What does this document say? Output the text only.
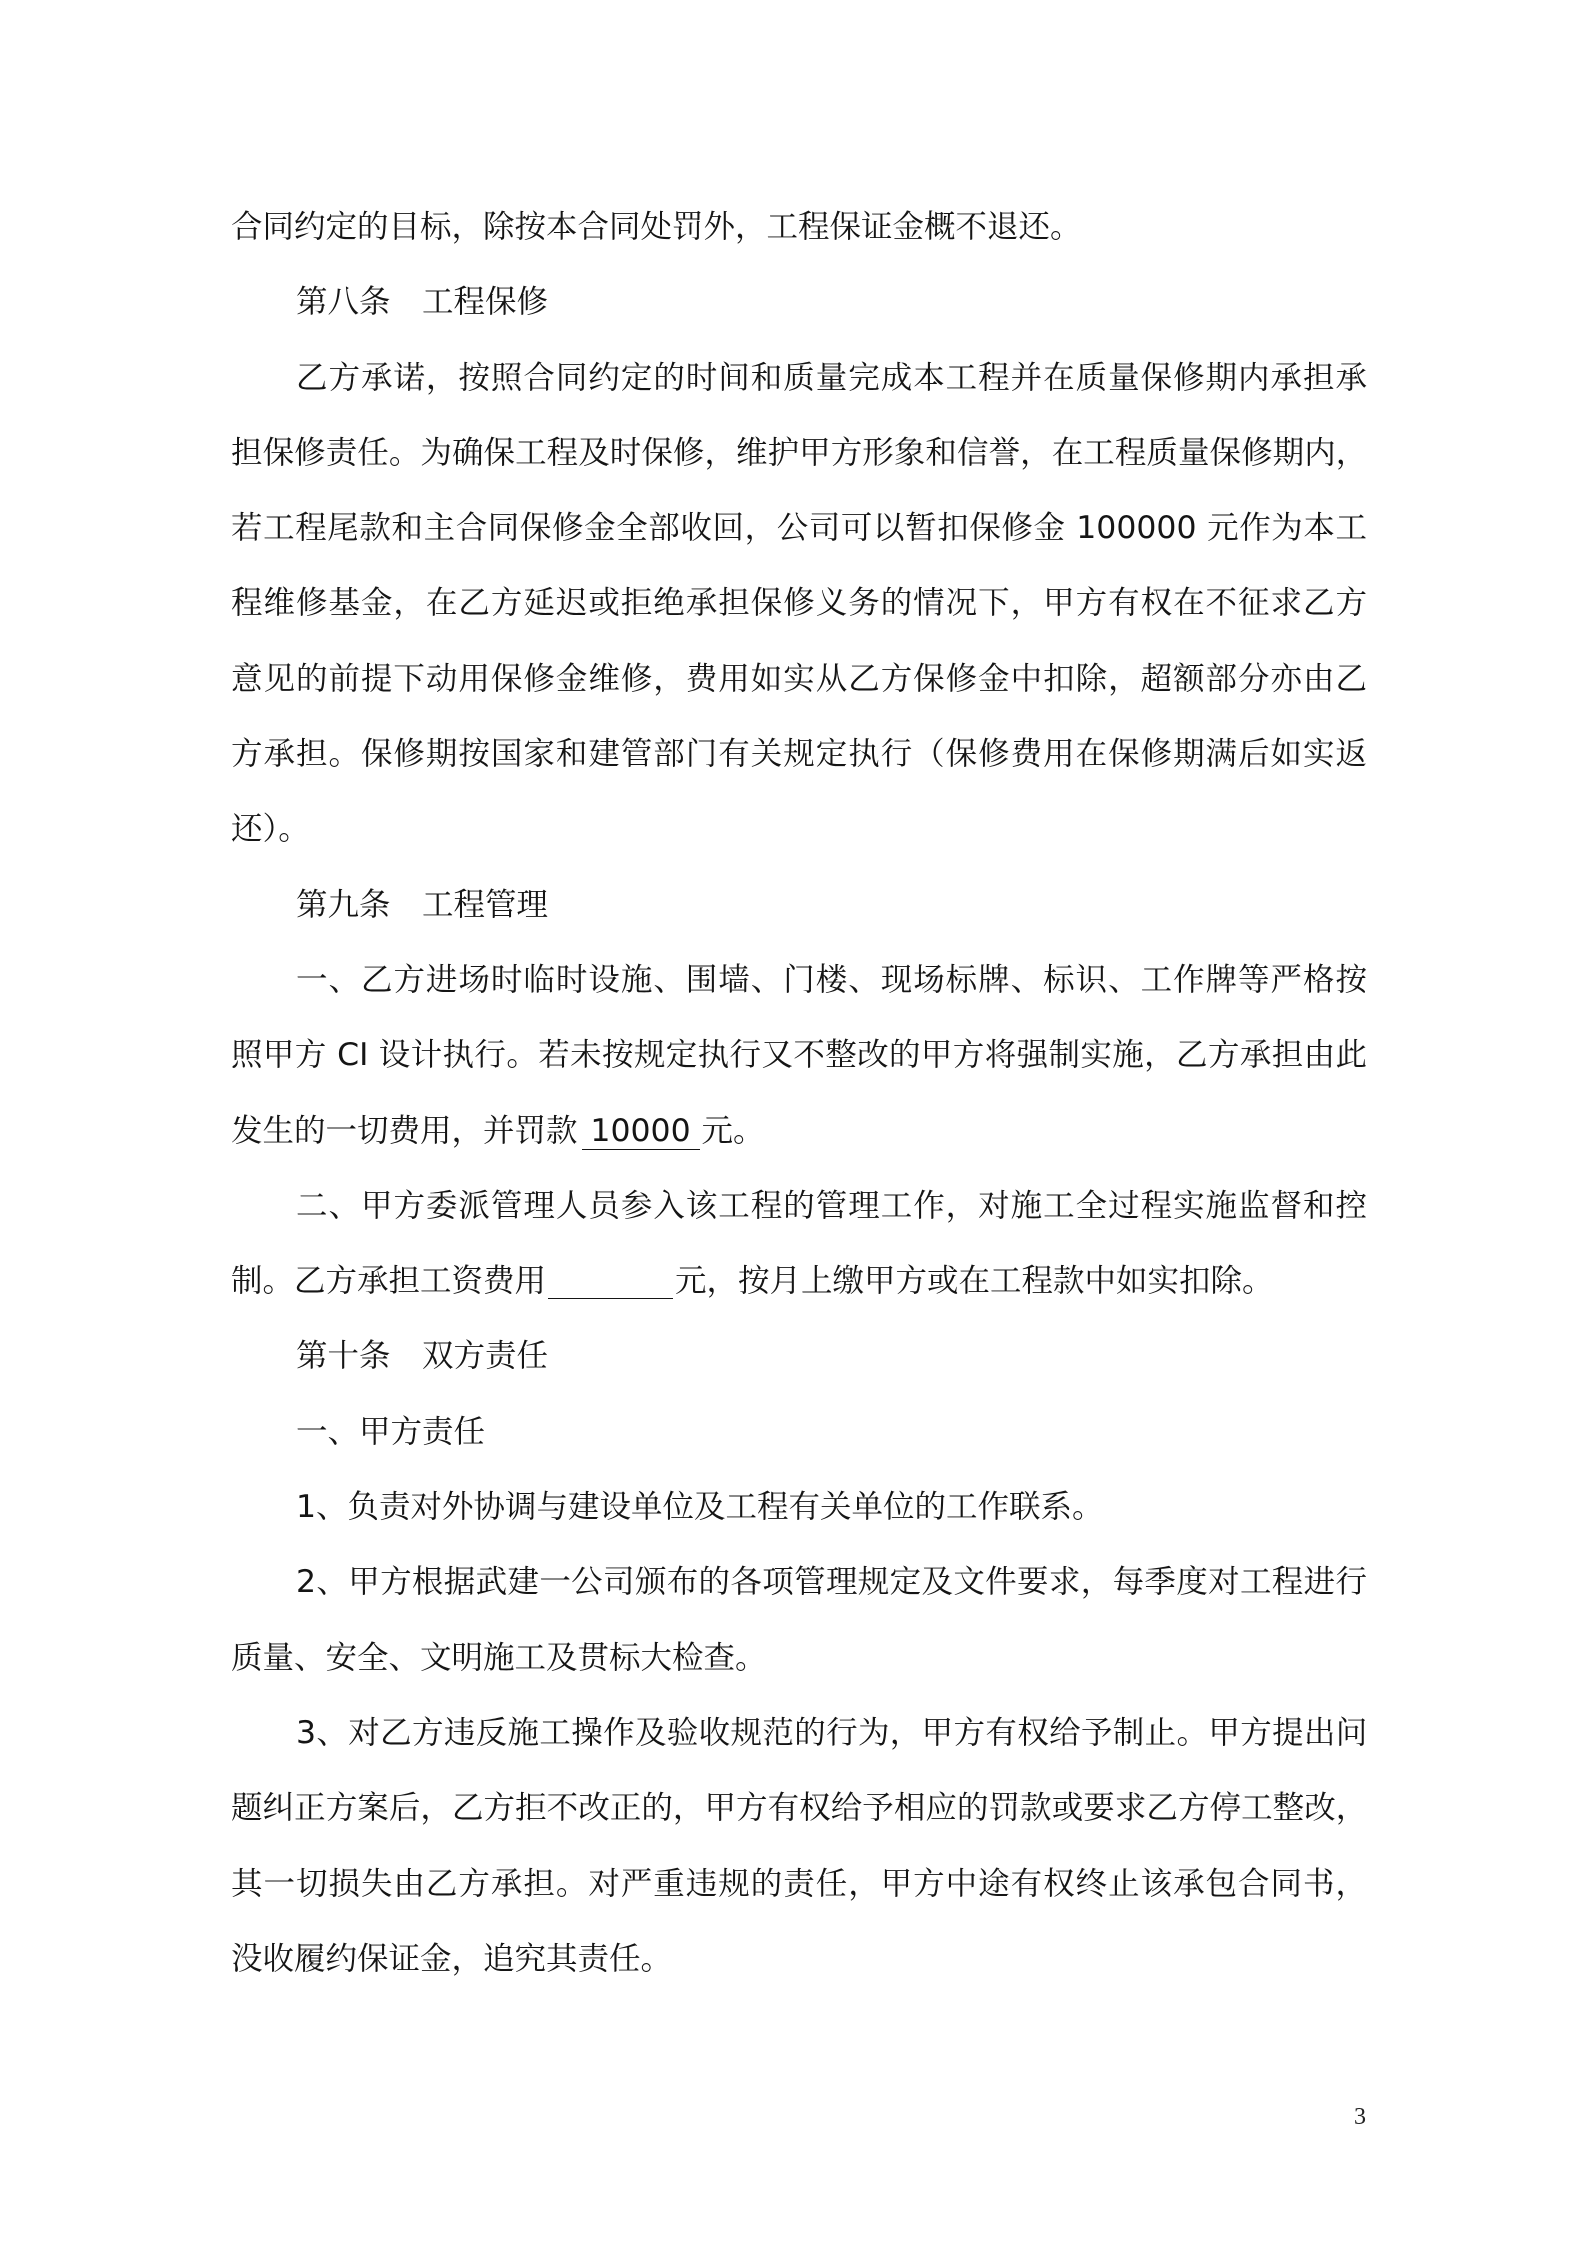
合同约定的目标，除按本合同处罚外，工程保证金概不退还。
第八条　工程保修
乙方承诺，按照合同约定的时间和质量完成本工程并在质量保修期内承担承
担保修责任。为确保工程及时保修，维护甲方形象和信誉，在工程质量保修期内，
若工程尾款和主合同保修金全部收回，公司可以暂扣保修金 100000 元作为本工
程维修基金，在乙方延迟或拒绝承担保修义务的情况下，甲方有权在不征求乙方
意见的前提下动用保修金维修，费用如实从乙方保修金中扣除，超额部分亦由乙
方承担。保修期按国家和建管部门有关规定执行（保修费用在保修期满后如实返
还）。
第九条　工程管理
一、乙方进场时临时设施、围墙、门楼、现场标牌、标识、工作牌等严格按
照甲方 CI 设计执行。若未按规定执行又不整改的甲方将强制实施，乙方承担由此
发生的一切费用，并罚款 10000 元。
二、甲方委派管理人员参入该工程的管理工作，对施工全过程实施监督和控
制。乙方承担工资费用	元，按月上缴甲方或在工程款中如实扣除。
第十条　双方责任
一、甲方责任
1、负责对外协调与建设单位及工程有关单位的工作联系。
2、甲方根据武建一公司颁布的各项管理规定及文件要求，每季度对工程进行
质量、安全、文明施工及贯标大检查。
3、对乙方违反施工操作及验收规范的行为，甲方有权给予制止。甲方提出问
题纠正方案后，乙方拒不改正的，甲方有权给予相应的罚款或要求乙方停工整改，
其一切损失由乙方承担。对严重违规的责任，甲方中途有权终止该承包合同书，
没收履约保证金，追究其责任。
3
